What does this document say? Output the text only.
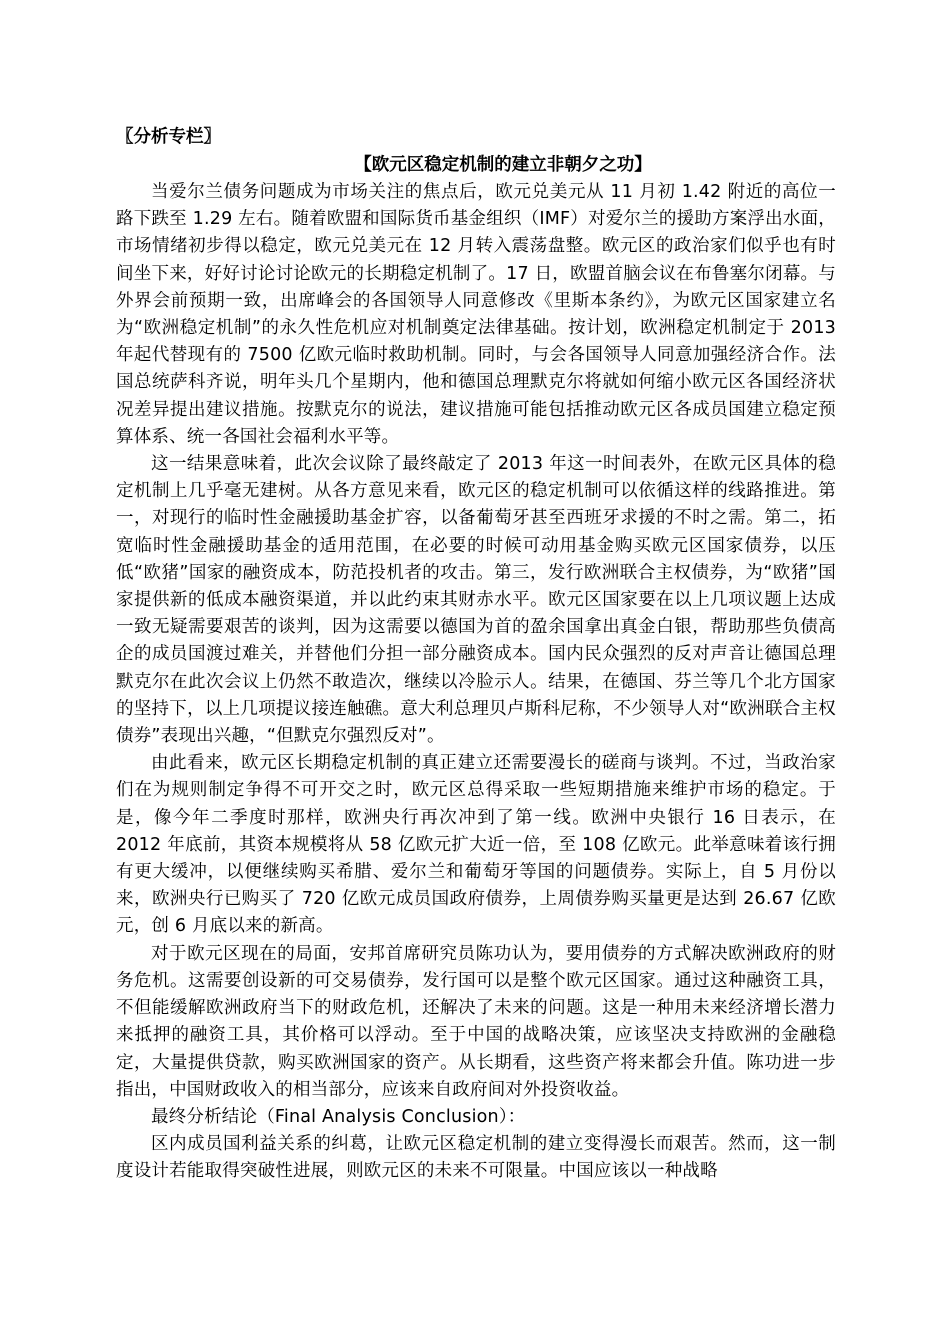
〖分析专栏〗

【欧元区稳定机制的建立非朝夕之功】

当爱尔兰债务问题成为市场关注的焦点后，欧元兑美元从 11 月初 1.42 附近的高位一路下跌至 1.29 左右。随着欧盟和国际货币基金组织（IMF）对爱尔兰的援助方案浮出水面，市场情绪初步得以稳定，欧元兑美元在 12 月转入震荡盘整。欧元区的政治家们似乎也有时间坐下来，好好讨论讨论欧元的长期稳定机制了。17 日，欧盟首脑会议在布鲁塞尔闭幕。与外界会前预期一致，出席峰会的各国领导人同意修改《里斯本条约》，为欧元区国家建立名为“欧洲稳定机制”的永久性危机应对机制奠定法律基础。按计划，欧洲稳定机制定于 2013 年起代替现有的 7500 亿欧元临时救助机制。同时，与会各国领导人同意加强经济合作。法国总统萨科齐说，明年头几个星期内，他和德国总理默克尔将就如何缩小欧元区各国经济状况差异提出建议措施。按默克尔的说法，建议措施可能包括推动欧元区各成员国建立稳定预算体系、统一各国社会福利水平等。

这一结果意味着，此次会议除了最终敲定了 2013 年这一时间表外，在欧元区具体的稳定机制上几乎毫无建树。从各方意见来看，欧元区的稳定机制可以依循这样的线路推进。第一，对现行的临时性金融援助基金扩容，以备葡萄牙甚至西班牙求援的不时之需。第二，拓宽临时性金融援助基金的适用范围，在必要的时候可动用基金购买欧元区国家债券，以压低“欧猪”国家的融资成本，防范投机者的攻击。第三，发行欧洲联合主权债券，为“欧猪”国家提供新的低成本融资渠道，并以此约束其财赤水平。欧元区国家要在以上几项议题上达成一致无疑需要艰苦的谈判，因为这需要以德国为首的盈余国拿出真金白银，帮助那些负债高企的成员国渡过难关，并替他们分担一部分融资成本。国内民众强烈的反对声音让德国总理默克尔在此次会议上仍然不敢造次，继续以冷脸示人。结果，在德国、芬兰等几个北方国家的坚持下，以上几项提议接连触礁。意大利总理贝卢斯科尼称，不少领导人对“欧洲联合主权债券”表现出兴趣，“但默克尔强烈反对”。

由此看来，欧元区长期稳定机制的真正建立还需要漫长的磋商与谈判。不过，当政治家们在为规则制定争得不可开交之时，欧元区总得采取一些短期措施来维护市场的稳定。于是，像今年二季度时那样，欧洲央行再次冲到了第一线。欧洲中央银行 16 日表示，在 2012 年底前，其资本规模将从 58 亿欧元扩大近一倍，至 108 亿欧元。此举意味着该行拥有更大缓冲，以便继续购买希腊、爱尔兰和葡萄牙等国的问题债券。实际上，自 5 月份以来，欧洲央行已购买了 720 亿欧元成员国政府债券，上周债券购买量更是达到 26.67 亿欧元，创 6 月底以来的新高。

对于欧元区现在的局面，安邦首席研究员陈功认为，要用债券的方式解决欧洲政府的财务危机。这需要创设新的可交易债券，发行国可以是整个欧元区国家。通过这种融资工具，不但能缓解欧洲政府当下的财政危机，还解决了未来的问题。这是一种用未来经济增长潜力来抵押的融资工具，其价格可以浮动。至于中国的战略决策，应该坚决支持欧洲的金融稳定，大量提供贷款，购买欧洲国家的资产。从长期看，这些资产将来都会升值。陈功进一步指出，中国财政收入的相当部分，应该来自政府间对外投资收益。

最终分析结论（Final Analysis Conclusion）：

区内成员国利益关系的纠葛，让欧元区稳定机制的建立变得漫长而艰苦。然而，这一制度设计若能取得突破性进展，则欧元区的未来不可限量。中国应该以一种战略
